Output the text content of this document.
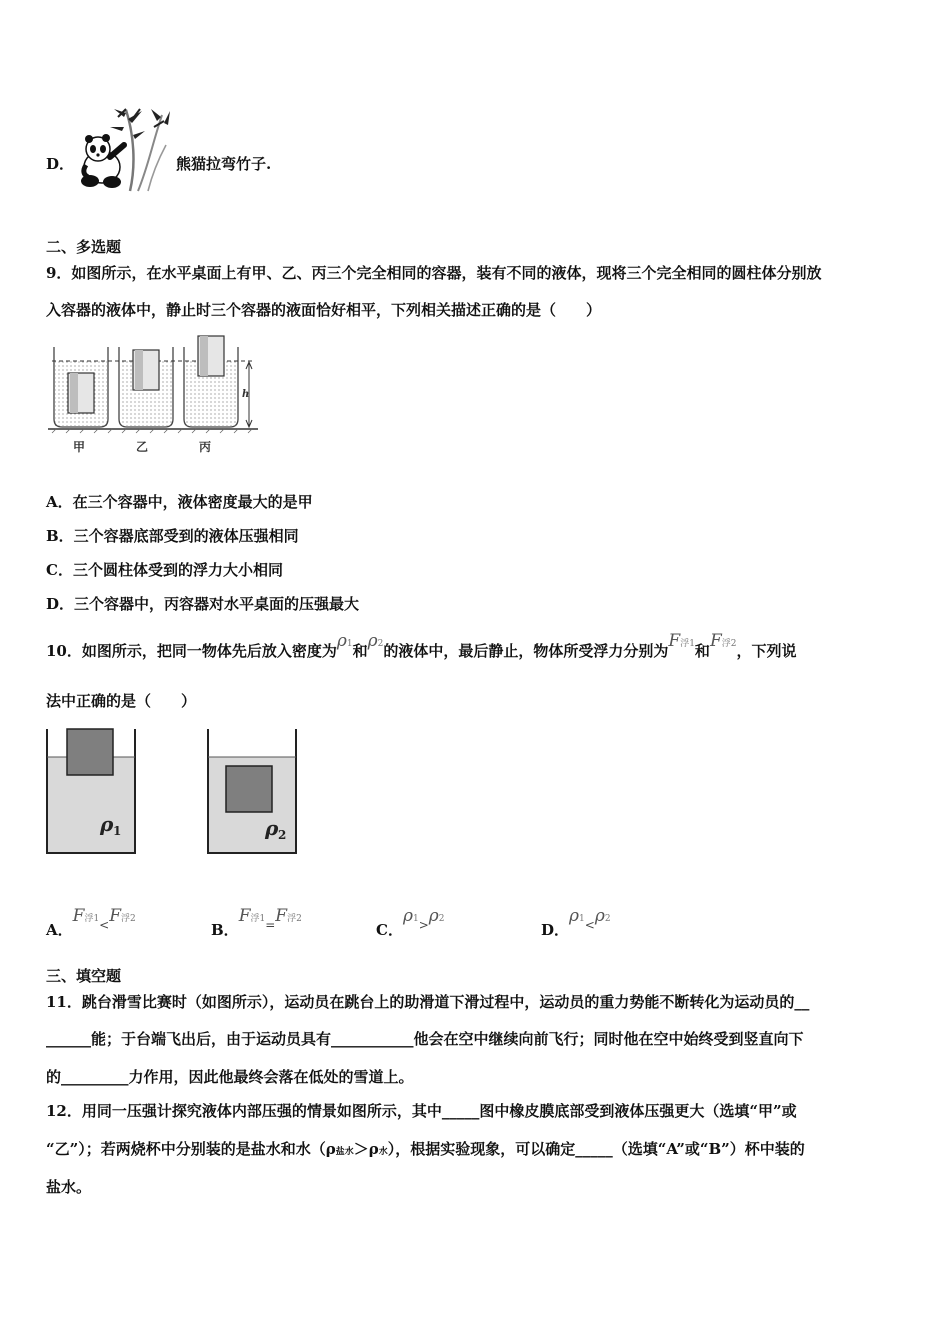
D．	熊猫拉弯竹子.
二、多选题
9．如图所示，在水平桌面上有甲、乙、丙三个完全相同的容器，装有不同的液体，现将三个完全相同的圆柱体分别放
入容器的液体中，静止时三个容器的液面恰好相平，下列相关描述正确的是（　　）
h
甲	乙	丙
A．在三个容器中，液体密度最大的是甲
B．三个容器底部受到的液体压强相同
C．三个圆柱体受到的浮力大小相同
D．三个容器中，丙容器对水平桌面的压强最大
10．如图所示，把同一物体先后放入密度为ρ1和ρ2的液体中，最后静止，物体所受浮力分别为F浮1和F浮2，下列说
法中正确的是（　　）
ρ 1	ρ 2
A．F浮$1_<F$浮2
B．F浮$1_=F$浮2
C．$\rho 1_>\rho 2$
D．$\rho 1_<\rho 2$
三、填空题
11．跳台滑雪比赛时（如图所示），运动员在跳台上的助滑道下滑过程中，运动员的重力势能不断转化为运动员的__
______能；于台端飞出后，由于运动员具有___________他会在空中继续向前飞行；同时他在空中始终受到竖直向下
的_________力作用，因此他最终会落在低处的雪道上。
12．用同一压强计探究液体内部压强的情景如图所示，其中_____图中橡皮膜底部受到液体压强更大（选填“甲”或
“乙”）；若两烧杯中分别装的是盐水和水（ρ盐水＞ρ水），根据实验现象，可以确定_____（选填“A”或“B”）杯中装的
盐水。
